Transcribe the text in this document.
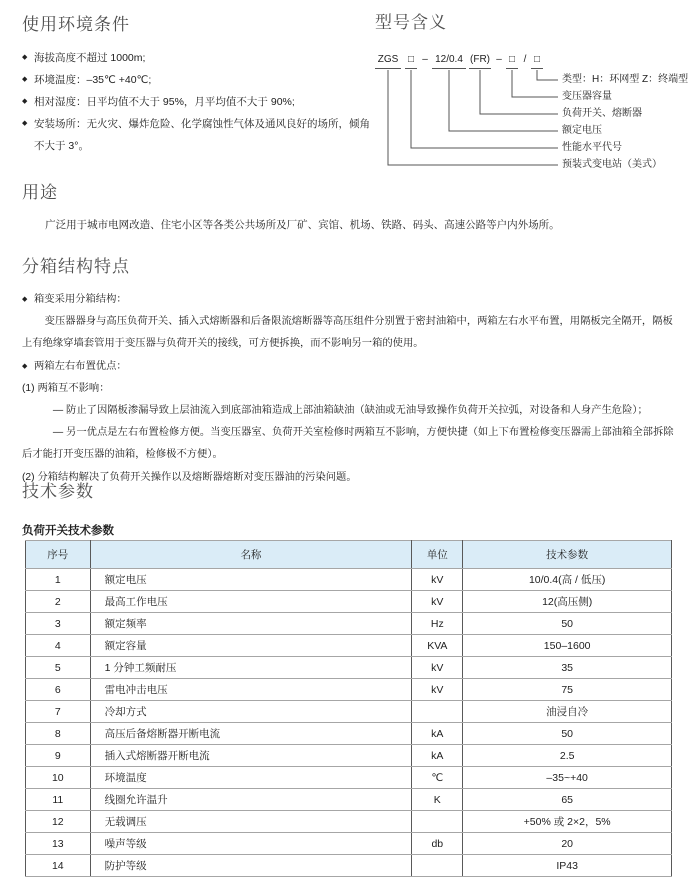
使用环境条件
◆ 海拔高度不超过 1000m;
◆ 环境温度：–35℃ +40℃;
◆ 相对湿度：日平均值不大于 95%，月平均值不大于 90%;
◆ 安装场所：无火灾、爆炸危险、化学腐蚀性气体及通风良好的场所，倾角不大于 3°。
型号含义
ZGS □ – 12/0.4 (FR) – □ / □
类型：H：环网型 Z：终端型
变压器容量
负荷开关、熔断器
额定电压
性能水平代号
预装式变电站（美式）
用途

广泛用于城市电网改造、住宅小区等各类公共场所及厂矿、宾馆、机场、铁路、码头、高速公路等户内外场所。

分箱结构特点

◆ 箱变采用分箱结构：

变压器器身与高压负荷开关、插入式熔断器和后备限流熔断器等高压组件分别置于密封油箱中，两箱左右水平布置，用隔板完全隔开，隔板上有绝缘穿墙套管用于变压器与负荷开关的接线，可方便拆换，而不影响另一箱的使用。

◆ 两箱左右布置优点：

(1) 两箱互不影响：

— 防止了因隔板渗漏导致上层油流入到底部油箱造成上部油箱缺油（缺油或无油导致操作负荷开关拉弧，对设备和人身产生危险）；

— 另一优点是左右布置检修方便。当变压器室、负荷开关室检修时两箱互不影响，方便快捷（如上下布置检修变压器需上部油箱全部拆除后才能打开变压器的油箱，检修极不方便）。

(2) 分箱结构解决了负荷开关操作以及熔断器熔断对变压器油的污染问题。

技术参数

负荷开关技术参数

序号	名称	单位	技术参数
1	额定电压	kV	10/0.4(高 / 低压)
2	最高工作电压	kV	12(高压侧)
3	额定频率	Hz	50
4	额定容量	KVA	150–1600
5	1 分钟工频耐压	kV	35
6	雷电冲击电压	kV	75
7	冷却方式		油浸自冷
8	高压后备熔断器开断电流	kA	50
9	插入式熔断器开断电流	kA	2.5
10	环境温度	℃	–35~+40
11	线圈允许温升	K	65
12	无载调压		+50% 或 2×2，5%
13	噪声等级	db	20
14	防护等级		IP43
